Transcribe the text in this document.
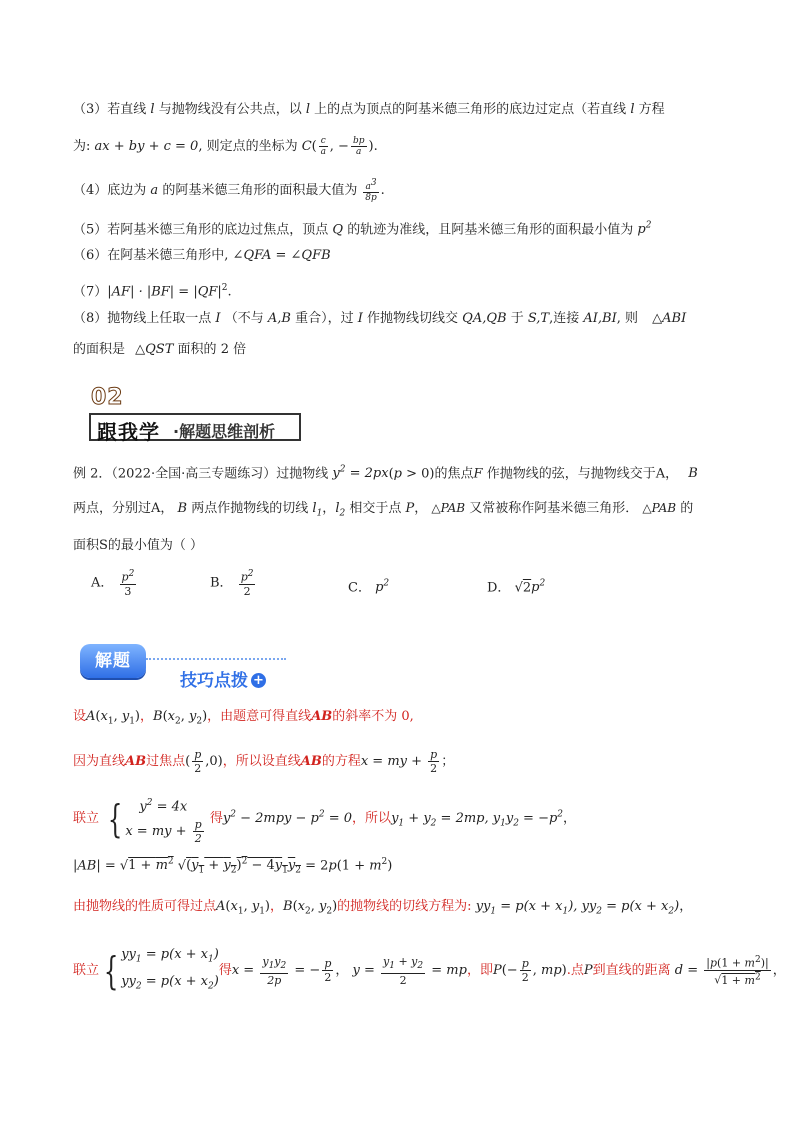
（3）若直线 l 与抛物线没有公共点，以 l 上的点为顶点的阿基米德三角形的底边过定点（若直线 l 方程
为: ax + by + c = 0, 则定点的坐标为 $C( \frac{c}{a}$ , − $\frac{bp}{a}$ ).
（4）底边为 a 的阿基米德三角形的面积最大值为 $\frac{a3}{8p}$ .
（5）若阿基米德三角形的底边过焦点，顶点 Q 的轨迹为准线，且阿基米德三角形的面积最小值为 $p^2$
（6）在阿基米德三角形中, ∠QFA = ∠QFB
$(7)|AF| \cdot |BF| = |QF|^2$.
（8）抛物线上任取一点 I （不与 A,B 重合），过 I 作抛物线切线交 QA,QB 于 S,T,连接 AI,BI, 则 △ABI
的面积是 △QST 面积的 2 倍
02
跟我学 ·解题思维剖析
例 2．（2022·全国·高三专题练习）过抛物线 $y^2 = 2px(p > 0)$的焦点F 作抛物线的弦，与抛物线交于A， B
两点，分别过A， B 两点作抛物线的切线 $l_1$，$l_2$ 相交于点 P， △PAB 又常被称作阿基米德三角形． △PAB 的
面积S的最小值为（ ）
A． $\frac{p^2}{3}$	B． $\frac{p^2}{2}$	C． $p^2$	D． $√2p^2$
解题
技巧点拨 +
设$A(x_1$, $y_1$)，$B(x_2$, $y_2$)，由题意可得直线AB的斜率不为 0,
因为直线AB过焦点( $\frac{p}{2} ,0$)，所以设直线AB的方程x = my + $\frac{p}{2}$ ；
联立 {	$y^2 = 4x$
x = my + $\frac{p}{2}$ 得$y^2 - 2mpy - p^2 = 0$，所以$y_1 + y_2 = 2mp$, $y_1y_2 = -p^2$，
$|AB| = √1 + m^2$ $√(y_1 + y_2)^2 - 4y_1y_2 = 2p(1 + m^2)$
由抛物线的性质可得过点$A(x_1$, $y_1$)，$B(x_2$, $y_2$)的抛物线的切线方程为: $yy_1 = p(x + x_1)$, $yy_2 = p(x + x_2)$，
联立 { $yy_1 = p(x + x_1)$
$yy_2 = p(x + x_2)$
得$x = \frac{y_1y_2}{2p}$ = − $\frac{p}{2}$ ， $y = \frac{y_1 + y_2}{2}$ = mp，即$P(- \frac{p}{2}$ , mp).点P到直线的距离 $d = \frac{|p(1 + m^2)|}{√1 + m^2}$ ，
